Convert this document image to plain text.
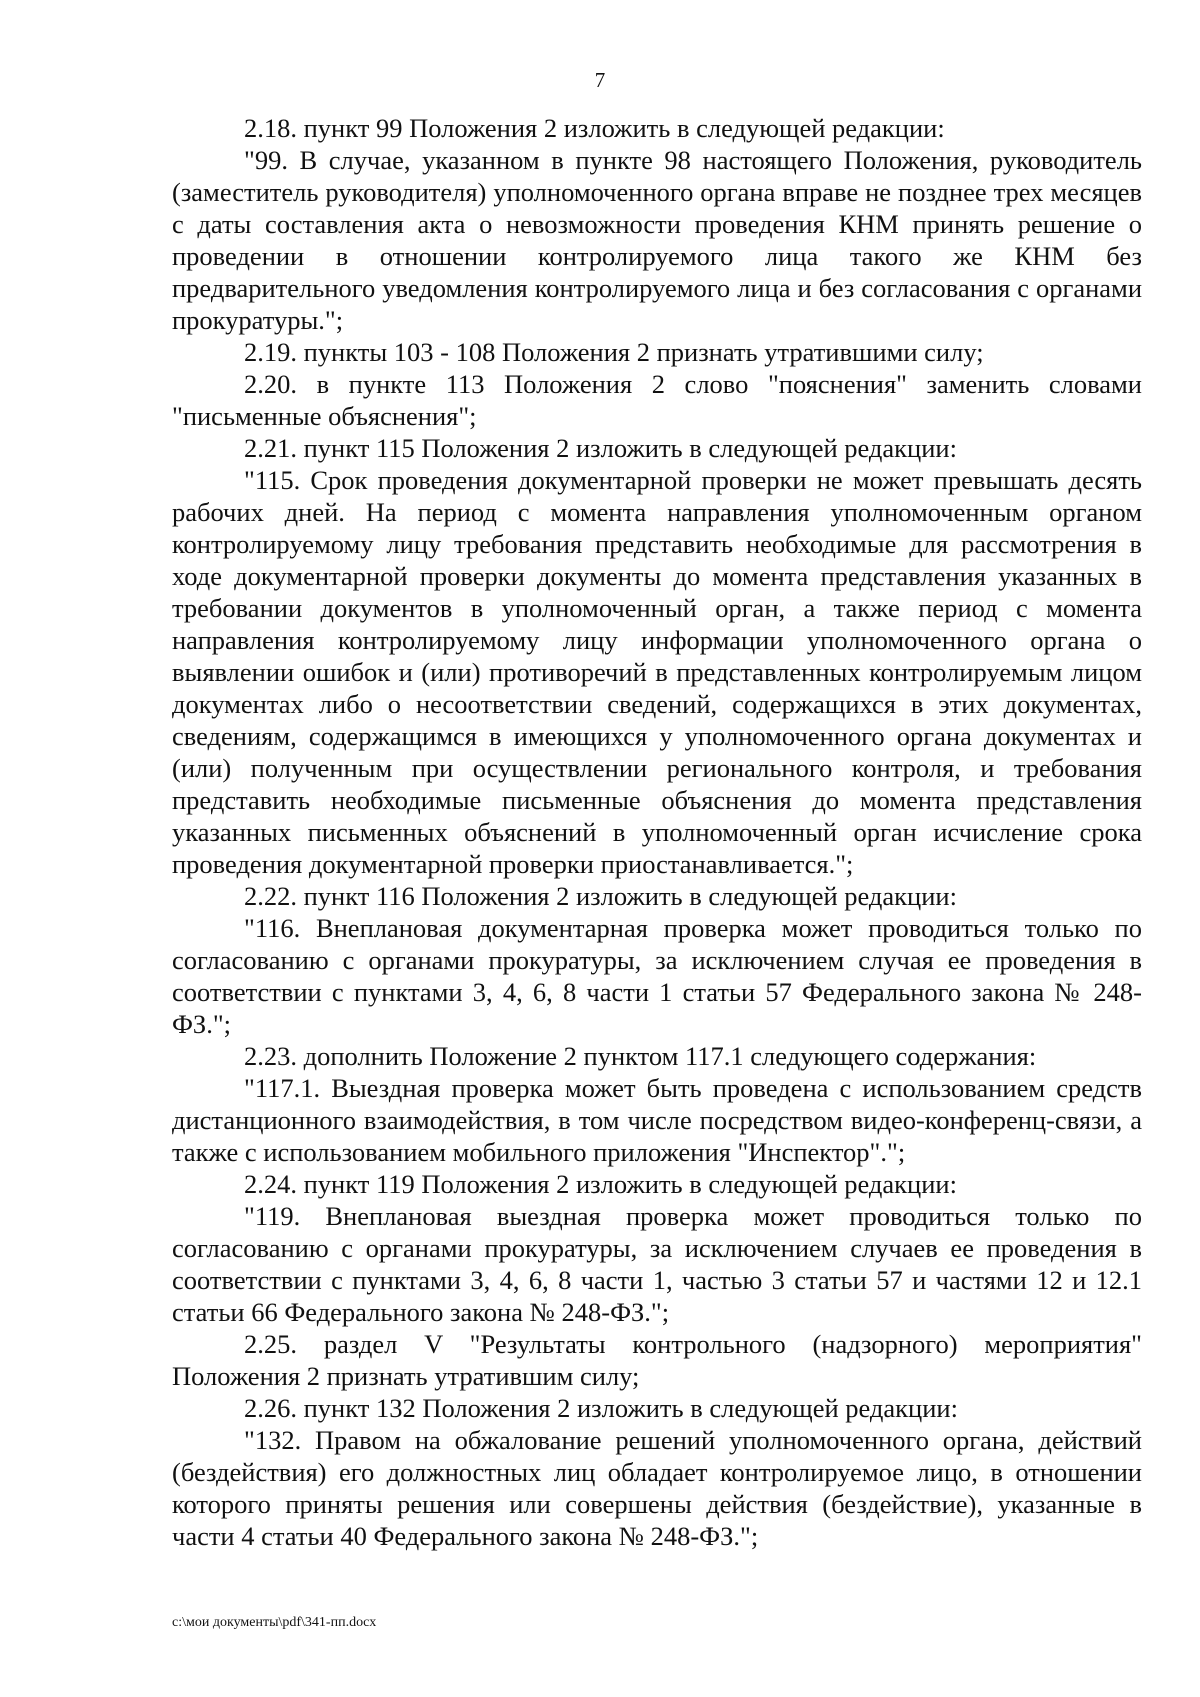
7

2.18. пункт 99 Положения 2 изложить в следующей редакции:

"99. В случае, указанном в пункте 98 настоящего Положения, руководитель (заместитель руководителя) уполномоченного органа вправе не позднее трех месяцев с даты составления акта о невозможности проведения КНМ принять решение о проведении в отношении контролируемого лица такого же КНМ без предварительного уведомления контролируемого лица и без согласования с органами прокуратуры.";

2.19. пункты 103 - 108 Положения 2 признать утратившими силу;

2.20. в пункте 113 Положения 2 слово "пояснения" заменить словами "письменные объяснения";

2.21. пункт 115 Положения 2 изложить в следующей редакции:

"115. Срок проведения документарной проверки не может превышать десять рабочих дней. На период с момента направления уполномоченным органом контролируемому лицу требования представить необходимые для рассмотрения в ходе документарной проверки документы до момента представления указанных в требовании документов в уполномоченный орган, а также период с момента направления контролируемому лицу информации уполномоченного органа о выявлении ошибок и (или) противоречий в представленных контролируемым лицом документах либо о несоответствии сведений, содержащихся в этих документах, сведениям, содержащимся в имеющихся у уполномоченного органа документах и (или) полученным при осуществлении регионального контроля, и требования представить необходимые письменные объяснения до момента представления указанных письменных объяснений в уполномоченный орган исчисление срока проведения документарной проверки приостанавливается.";

2.22. пункт 116 Положения 2 изложить в следующей редакции:

"116. Внеплановая документарная проверка может проводиться только по согласованию с органами прокуратуры, за исключением случая ее проведения в соответствии с пунктами 3, 4, 6, 8 части 1 статьи 57 Федерального закона № 248-ФЗ.";

2.23. дополнить Положение 2 пунктом 117.1 следующего содержания:

"117.1. Выездная проверка может быть проведена с использованием средств дистанционного взаимодействия, в том числе посредством видео-конференц-связи, а также с использованием мобильного приложения "Инспектор".";

2.24. пункт 119 Положения 2 изложить в следующей редакции:

"119. Внеплановая выездная проверка может проводиться только по согласованию с органами прокуратуры, за исключением случаев ее проведения в соответствии с пунктами 3, 4, 6, 8 части 1, частью 3 статьи 57 и частями 12 и 12.1 статьи 66 Федерального закона № 248-ФЗ.";

2.25. раздел V "Результаты контрольного (надзорного) мероприятия" Положения 2 признать утратившим силу;

2.26. пункт 132 Положения 2 изложить в следующей редакции:

"132. Правом на обжалование решений уполномоченного органа, действий (бездействия) его должностных лиц обладает контролируемое лицо, в отношении которого приняты решения или совершены действия (бездействие), указанные в части 4 статьи 40 Федерального закона № 248-ФЗ.";

c:\мои документы\pdf\341-пп.docx
